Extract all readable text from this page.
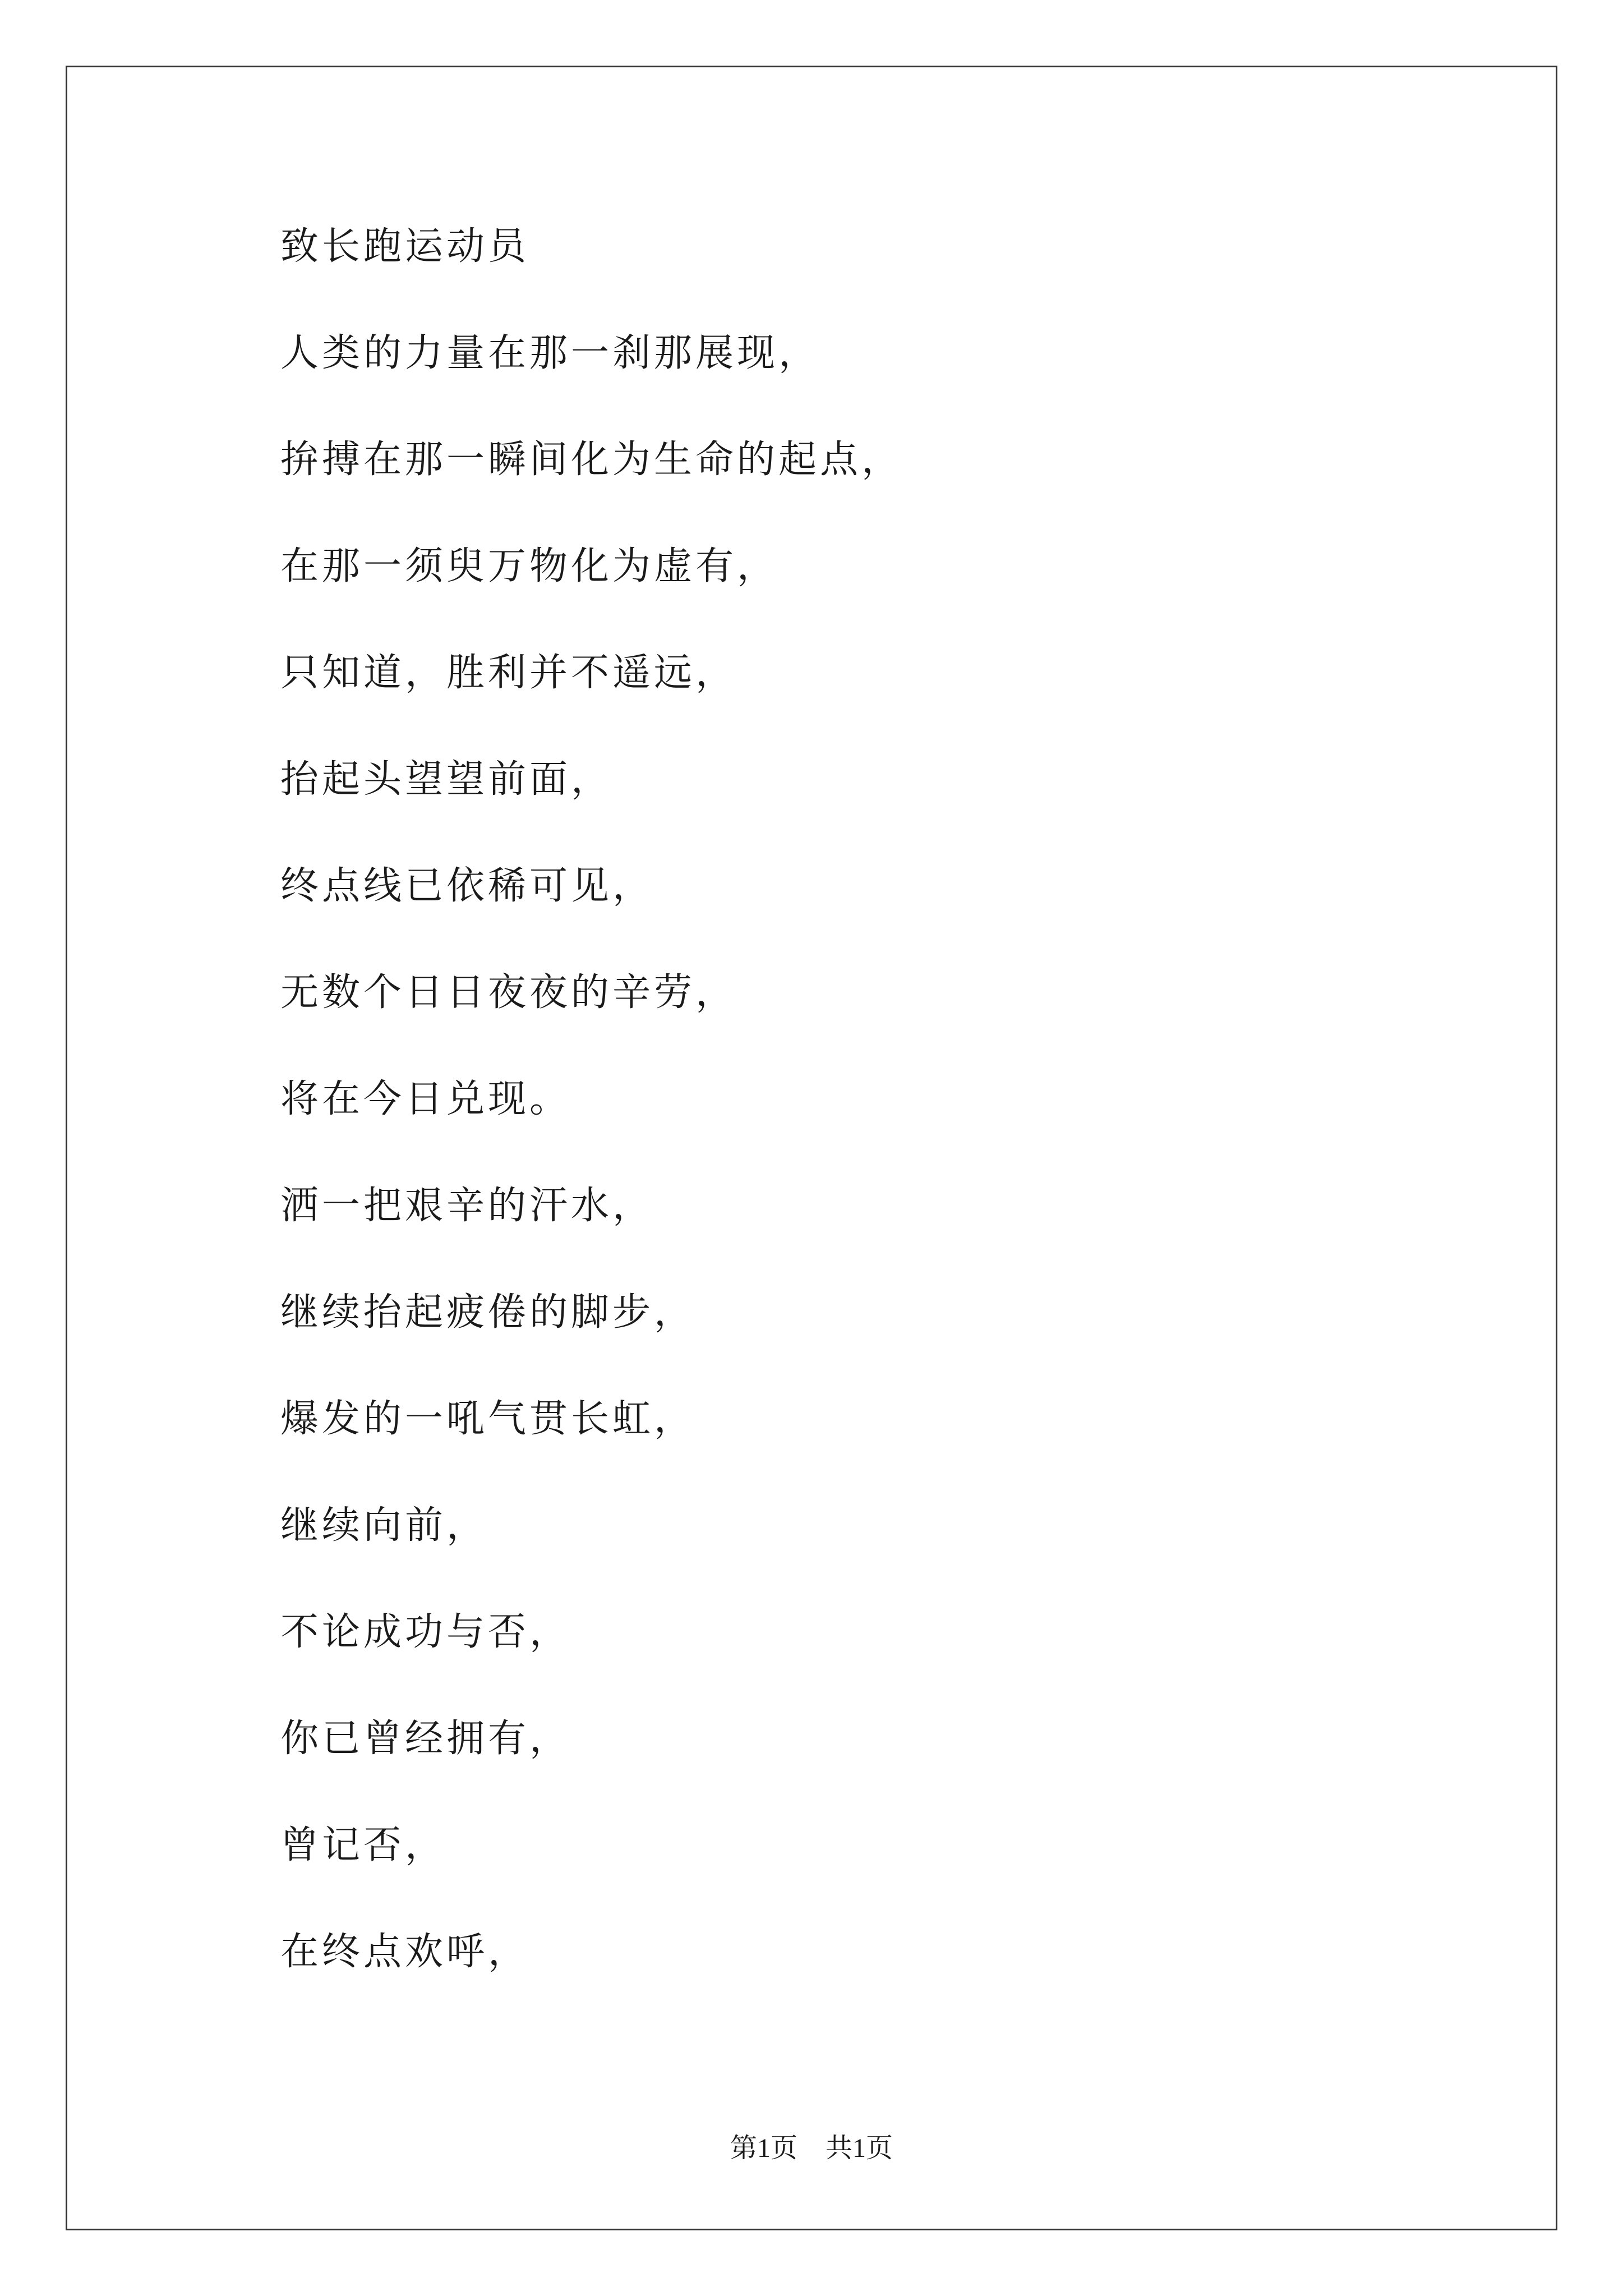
致长跑运动员
人类的力量在那一刹那展现，
拚搏在那一瞬间化为生命的起点，
在那一须臾万物化为虚有，
只知道，胜利并不遥远，
抬起头望望前面，
终点线已依稀可见，
无数个日日夜夜的辛劳，
将在今日兑现。
洒一把艰辛的汗水，
继续抬起疲倦的脚步，
爆发的一吼气贯长虹，
继续向前，
不论成功与否，
你已曾经拥有，
曾记否，
在终点欢呼，
第1页 共1页
